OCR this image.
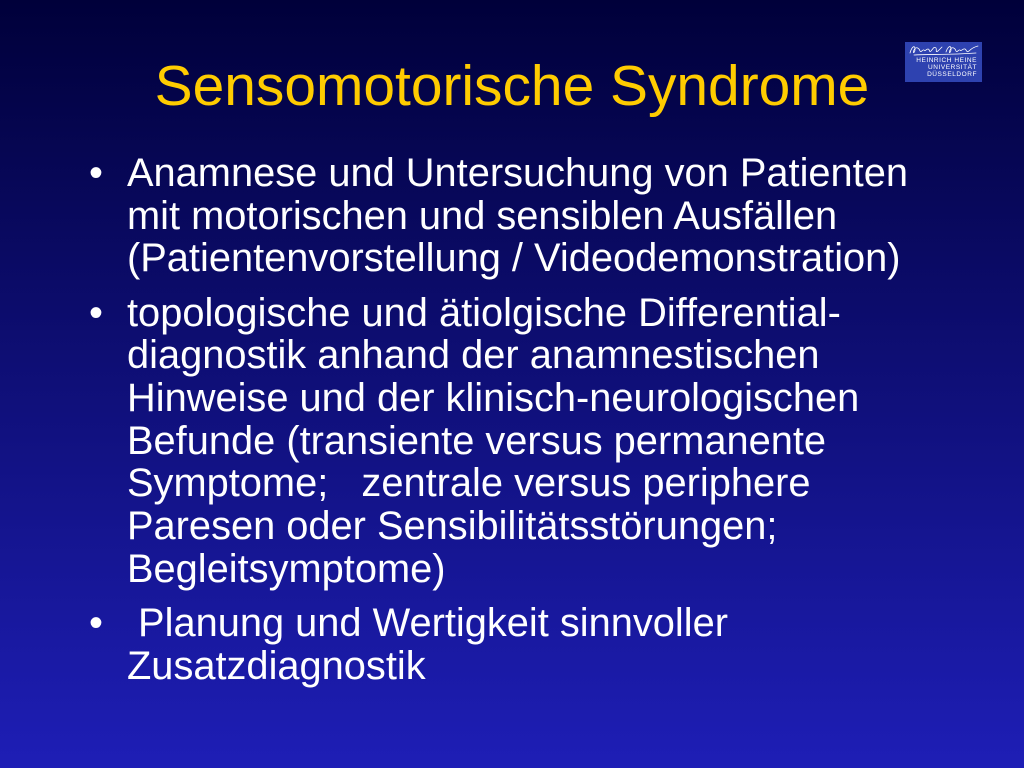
Sensomotorische Syndrome	HEINRICH HEINE
UNIVERSITÄT
DÜSSELDORF
• Anamnese und Untersuchung von Patienten
mit motorischen und sensiblen Ausfällen
(Patientenvorstellung / Videodemonstration)
• topologische und ätiolgische Differential-
diagnostik anhand der anamnestischen
Hinweise und der klinisch-neurologischen
Befunde (transiente versus permanente
Symptome;   zentrale versus periphere
Paresen oder Sensibilitätsstörungen;
Begleitsymptome)
• Planung und Wertigkeit sinnvoller
Zusatzdiagnostik
